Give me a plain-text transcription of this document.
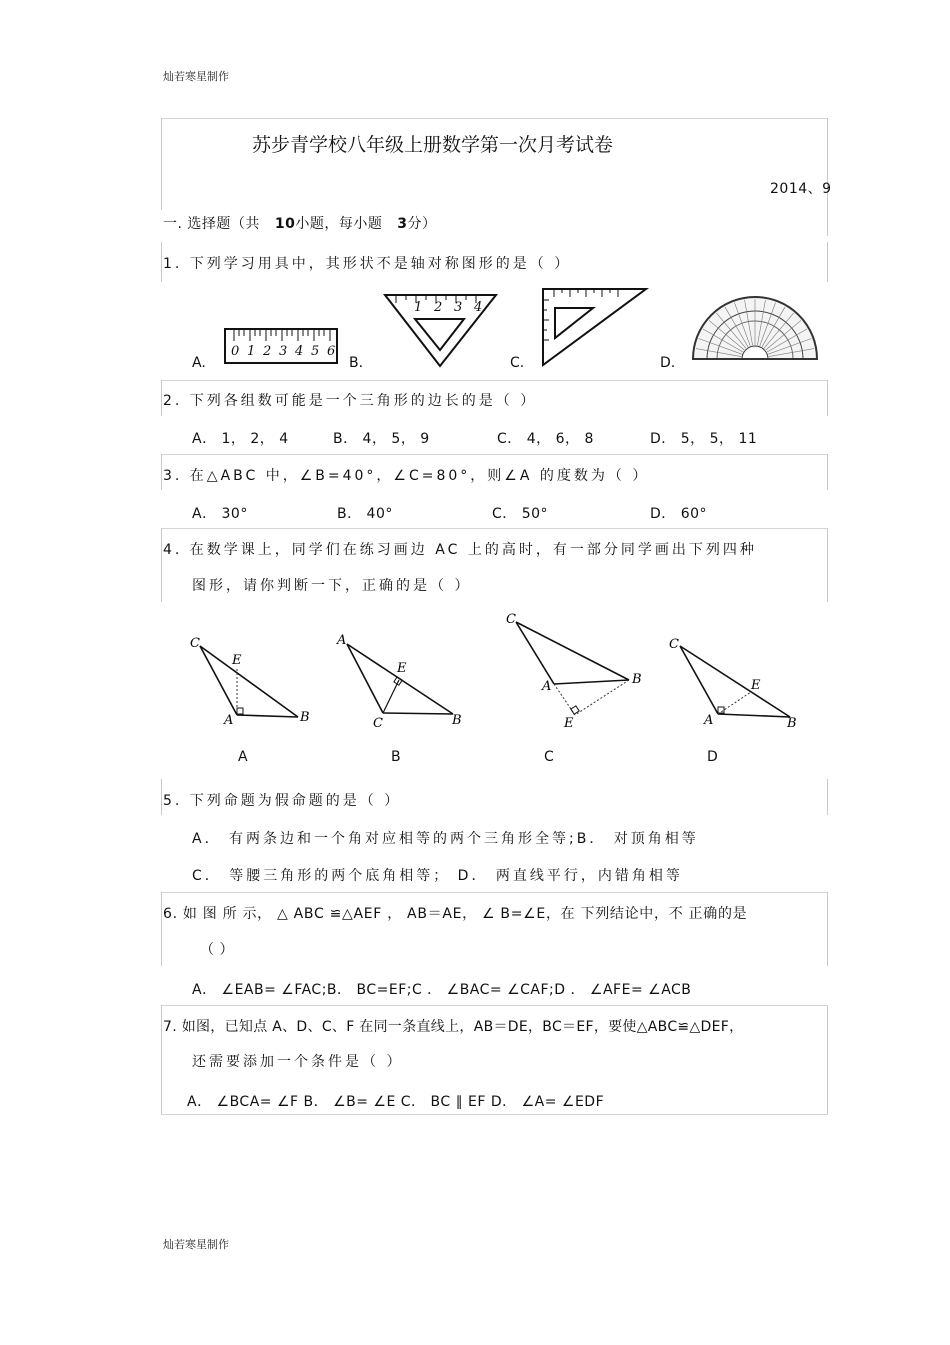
灿若寒星制作
灿若寒星制作
苏步青学校八年级上册数学第一次月考试卷
2014、9
一. 选择题（共 10小题，每小题 3分）
1. 下列学习用具中，其形状不是轴对称图形的是（ ）
A.	B.	C.	D.
0 1 2 3 4 5 6
1 2 3 4
2. 下列各组数可能是一个三角形的边长的是（ ）
A． 1， 2， 4	B． 4， 5， 9	C． 4， 6， 8	D． 5， 5， 11
3. 在△ABC 中，∠B=40°，∠C=80°，则∠A 的度数为（ ）
A． 30°	B． 40°	C． 50°	D． 60°
4. 在数学课上，同学们在练习画边 AC 上的高时，有一部分同学画出下列四种
图形，请你判断一下，正确的是（ ）
C
E
A	B
A
A
E
C	B
B
C
A	B
E
C
C
E
A	B
D
5. 下列命题为假命题的是（ ）
A． 有两条边和一个角对应相等的两个三角形全等;B． 对顶角相等
C． 等腰三角形的两个底角相等； D． 两直线平行，内错角相等
6. 如 图 所 示， △ ABC ≌△AEF ， AB＝AE， ∠ B=∠E，在 下列结论中，不 正确的是
（ ）
A． ∠EAB= ∠FAC;B． BC=EF;C ． ∠BAC= ∠CAF;D ． ∠AFE= ∠ACB
7. 如图，已知点 A、D、C、F 在同一条直线上，AB＝DE，BC＝EF，要使△ABC≌△DEF，
还需要添加一个条件是（ ）
A． ∠BCA= ∠F B． ∠B= ∠E C． BC ∥ EF D． ∠A= ∠EDF
